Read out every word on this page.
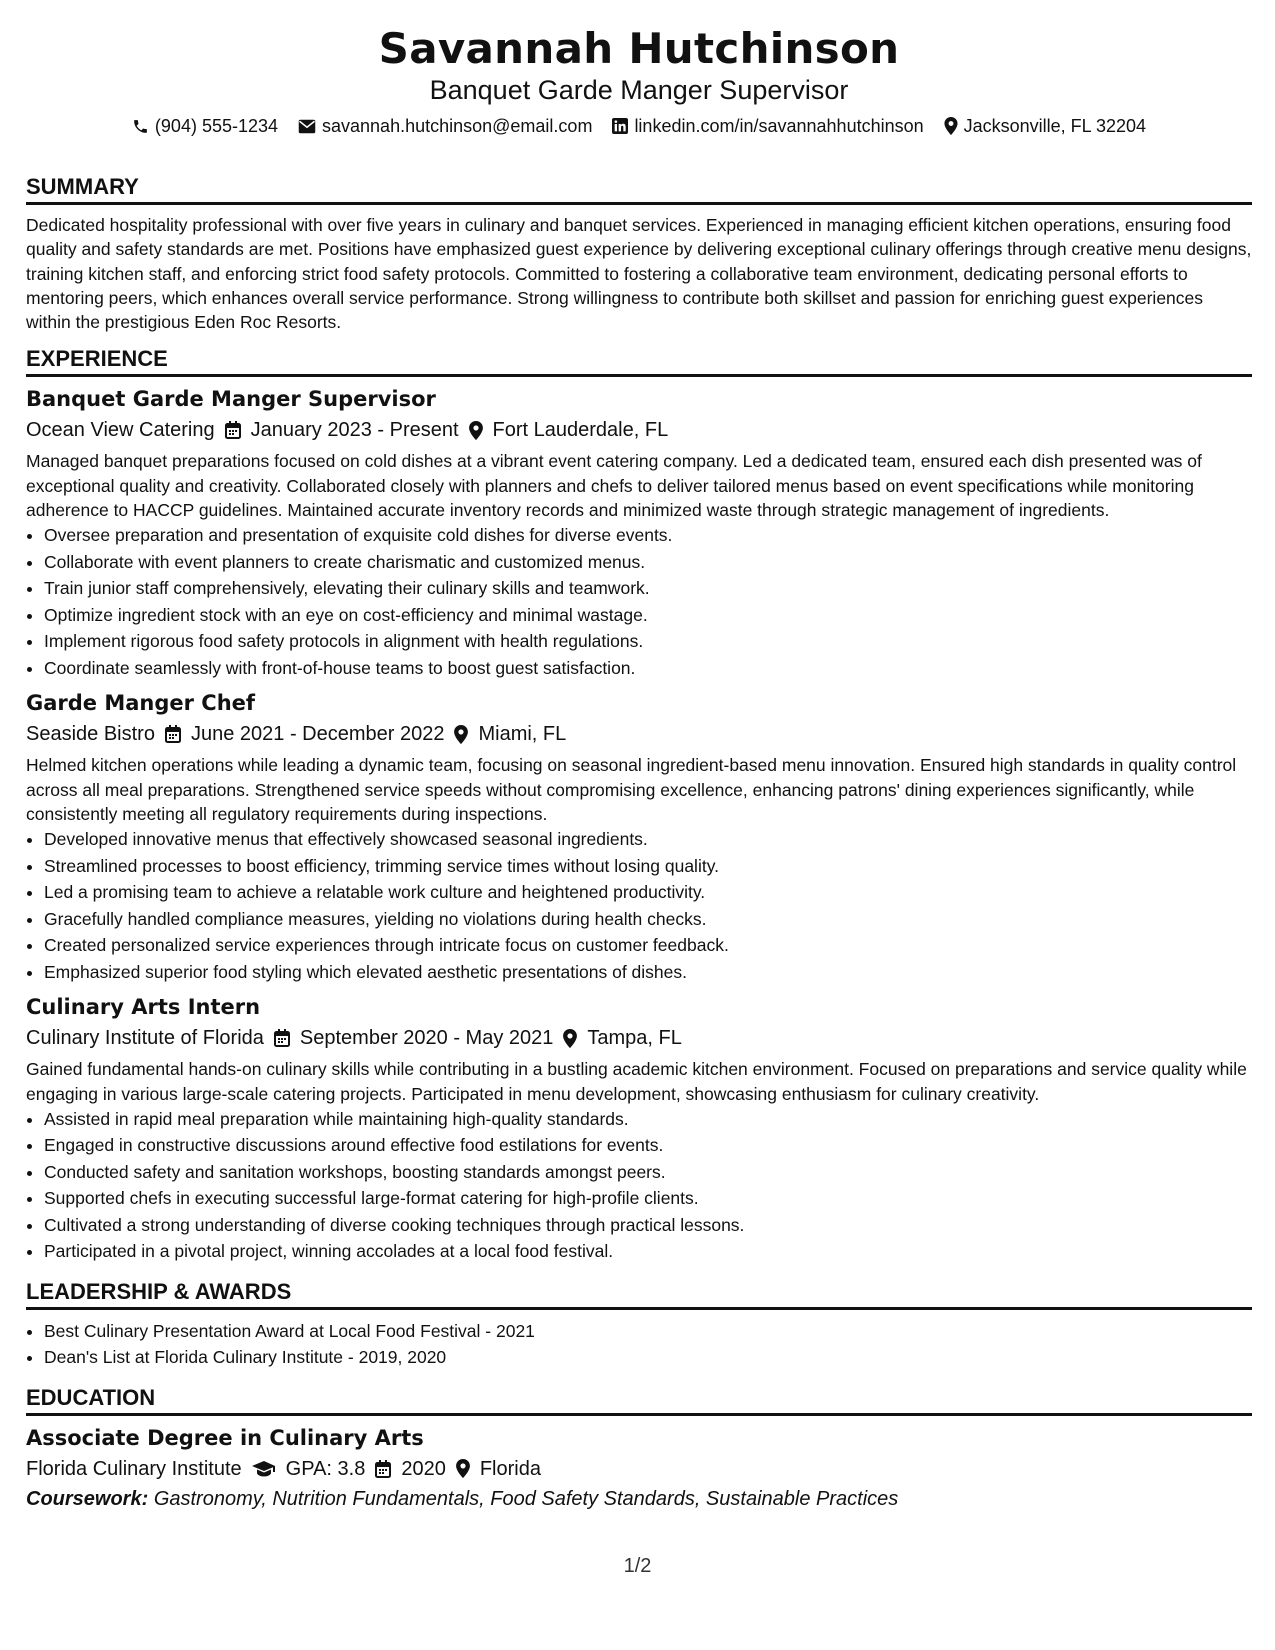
Savannah Hutchinson
Banquet Garde Manger Supervisor
(904) 555-1234 savannah.hutchinson@email.com linkedin.com/in/savannahhutchinson Jacksonville, FL 32204
SUMMARY
Dedicated hospitality professional with over five years in culinary and banquet services. Experienced in managing efficient kitchen operations, ensuring food quality and safety standards are met. Positions have emphasized guest experience by delivering exceptional culinary offerings through creative menu designs, training kitchen staff, and enforcing strict food safety protocols. Committed to fostering a collaborative team environment, dedicating personal efforts to mentoring peers, which enhances overall service performance. Strong willingness to contribute both skillset and passion for enriching guest experiences within the prestigious Eden Roc Resorts.
EXPERIENCE
Banquet Garde Manger Supervisor
Ocean View Catering January 2023 - Present Fort Lauderdale, FL
Managed banquet preparations focused on cold dishes at a vibrant event catering company. Led a dedicated team, ensured each dish presented was of exceptional quality and creativity. Collaborated closely with planners and chefs to deliver tailored menus based on event specifications while monitoring adherence to HACCP guidelines. Maintained accurate inventory records and minimized waste through strategic management of ingredients.
• Oversee preparation and presentation of exquisite cold dishes for diverse events.
• Collaborate with event planners to create charismatic and customized menus.
• Train junior staff comprehensively, elevating their culinary skills and teamwork.
• Optimize ingredient stock with an eye on cost-efficiency and minimal wastage.
• Implement rigorous food safety protocols in alignment with health regulations.
• Coordinate seamlessly with front-of-house teams to boost guest satisfaction.
Garde Manger Chef
Seaside Bistro June 2021 - December 2022 Miami, FL
Helmed kitchen operations while leading a dynamic team, focusing on seasonal ingredient-based menu innovation. Ensured high standards in quality control across all meal preparations. Strengthened service speeds without compromising excellence, enhancing patrons' dining experiences significantly, while consistently meeting all regulatory requirements during inspections.
• Developed innovative menus that effectively showcased seasonal ingredients.
• Streamlined processes to boost efficiency, trimming service times without losing quality.
• Led a promising team to achieve a relatable work culture and heightened productivity.
• Gracefully handled compliance measures, yielding no violations during health checks.
• Created personalized service experiences through intricate focus on customer feedback.
• Emphasized superior food styling which elevated aesthetic presentations of dishes.
Culinary Arts Intern
Culinary Institute of Florida September 2020 - May 2021 Tampa, FL
Gained fundamental hands-on culinary skills while contributing in a bustling academic kitchen environment. Focused on preparations and service quality while engaging in various large-scale catering projects. Participated in menu development, showcasing enthusiasm for culinary creativity.
• Assisted in rapid meal preparation while maintaining high-quality standards.
• Engaged in constructive discussions around effective food estilations for events.
• Conducted safety and sanitation workshops, boosting standards amongst peers.
• Supported chefs in executing successful large-format catering for high-profile clients.
• Cultivated a strong understanding of diverse cooking techniques through practical lessons.
• Participated in a pivotal project, winning accolades at a local food festival.
LEADERSHIP & AWARDS
• Best Culinary Presentation Award at Local Food Festival - 2021
• Dean's List at Florida Culinary Institute - 2019, 2020
EDUCATION
Associate Degree in Culinary Arts
Florida Culinary Institute GPA: 3.8 2020 Florida
Coursework: Gastronomy, Nutrition Fundamentals, Food Safety Standards, Sustainable Practices
1/2
